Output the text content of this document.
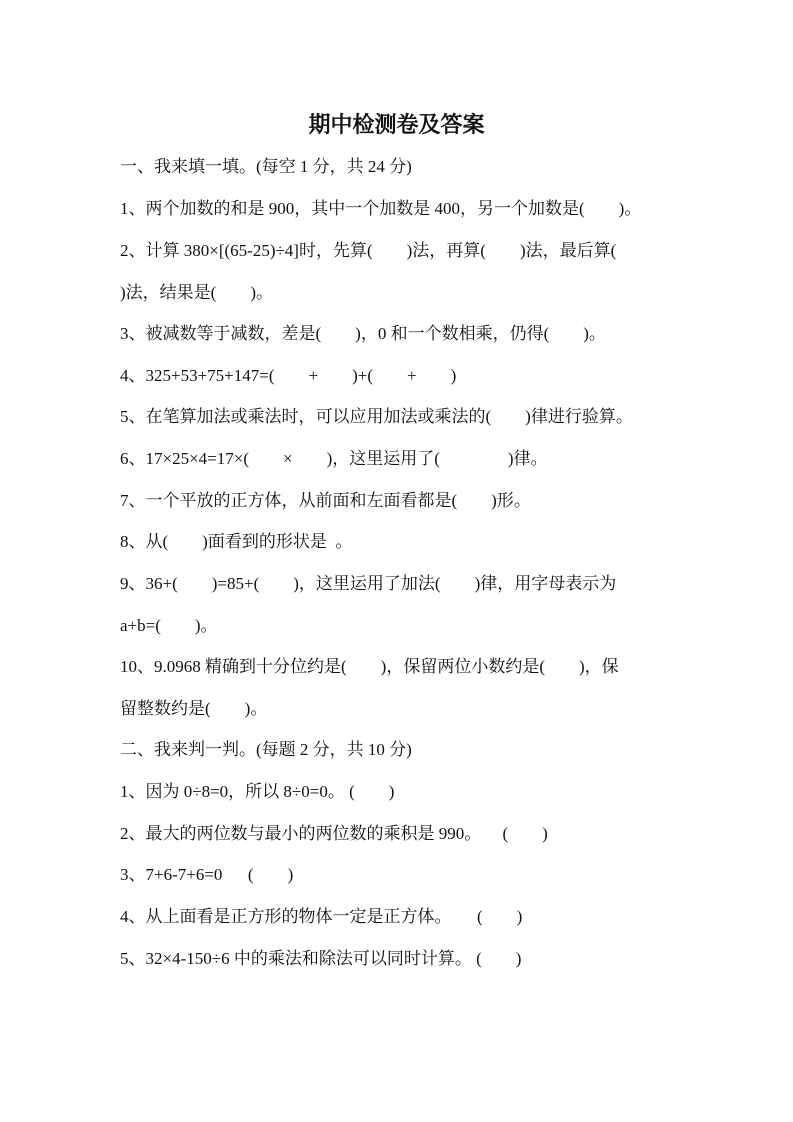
期中检测卷及答案
一、我来填一填。(每空 1 分，共 24 分)
1、两个加数的和是 900，其中一个加数是 400，另一个加数是(        )。
2、计算 380×[(65-25)÷4]时，先算(        )法，再算(        )法，最后算(
)法，结果是(        )。
3、被减数等于减数，差是(        )，0 和一个数相乘，仍得(        )。
4、325+53+75+147=(        +        )+(        +        )
5、在笔算加法或乘法时，可以应用加法或乘法的(        )律进行验算。
6、17×25×4=17×(        ×        )，这里运用了(                )律。
7、一个平放的正方体，从前面和左面看都是(        )形。
8、从(        )面看到的形状是  。
9、36+(        )=85+(        )，这里运用了加法(        )律，用字母表示为
a+b=(        )。
10、9.0968 精确到十分位约是(        )，保留两位小数约是(        )，保
留整数约是(        )。
二、我来判一判。(每题 2 分，共 10 分)
1、因为 0÷8=0，所以 8÷0=0。 (        )
2、最大的两位数与最小的两位数的乘积是 990。     (        )
3、7+6-7+6=0      (        )
4、从上面看是正方形的物体一定是正方体。      (        )
5、32×4-150÷6 中的乘法和除法可以同时计算。 (        )
